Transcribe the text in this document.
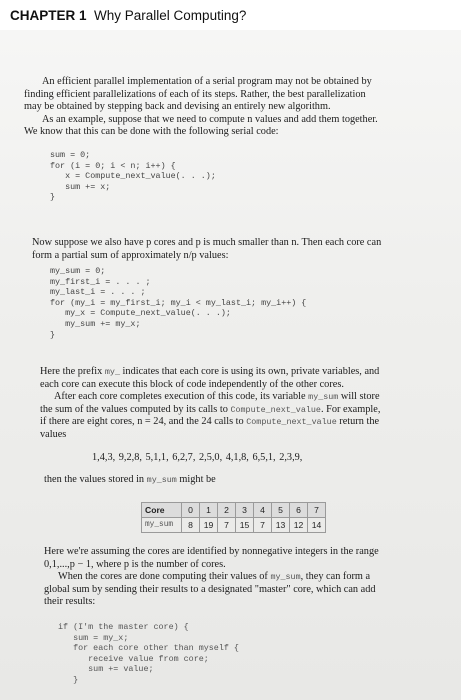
CHAPTER 1 Why Parallel Computing?
An efficient parallel implementation of a serial program may not be obtained by
finding efficient parallelizations of each of its steps. Rather, the best parallelization
may be obtained by stepping back and devising an entirely new algorithm.
As an example, suppose that we need to compute n values and add them together.
We know that this can be done with the following serial code:
sum = 0;
for (i = 0; i < n; i++) {
x = Compute_next_value(. . .);
sum += x;
}
Now suppose we also have p cores and p is much smaller than n. Then each core can
form a partial sum of approximately n/p values:
my_sum = 0;
my_first_i = . . . ;
my_last_i = . . . ;
for (my_i = my_first_i; my_i < my_last_i; my_i++) {
my_x = Compute_next_value(. . .);
my_sum += my_x;
}
Here the prefix my_ indicates that each core is using its own, private variables, and
each core can execute this block of code independently of the other cores.
After each core completes execution of this code, its variable my_sum will store
the sum of the values computed by its calls to Compute_next_value. For example,
if there are eight cores, n = 24, and the 24 calls to Compute_next_value return the
values
1,4,3, 9,2,8, 5,1,1, 6,2,7, 2,5,0, 4,1,8, 6,5,1, 2,3,9,
then the values stored in my_sum might be
Core	0	1	2	3	4	5	6	7
my_sum	8	19	7	15	7	13	12	14
Here we're assuming the cores are identified by nonnegative integers in the range
0,1,...,p − 1, where p is the number of cores.
When the cores are done computing their values of my_sum, they can form a
global sum by sending their results to a designated "master" core, which can add
their results:
if (I'm the master core) {
sum = my_x;
for each core other than myself {
receive value from core;
sum += value;
}
